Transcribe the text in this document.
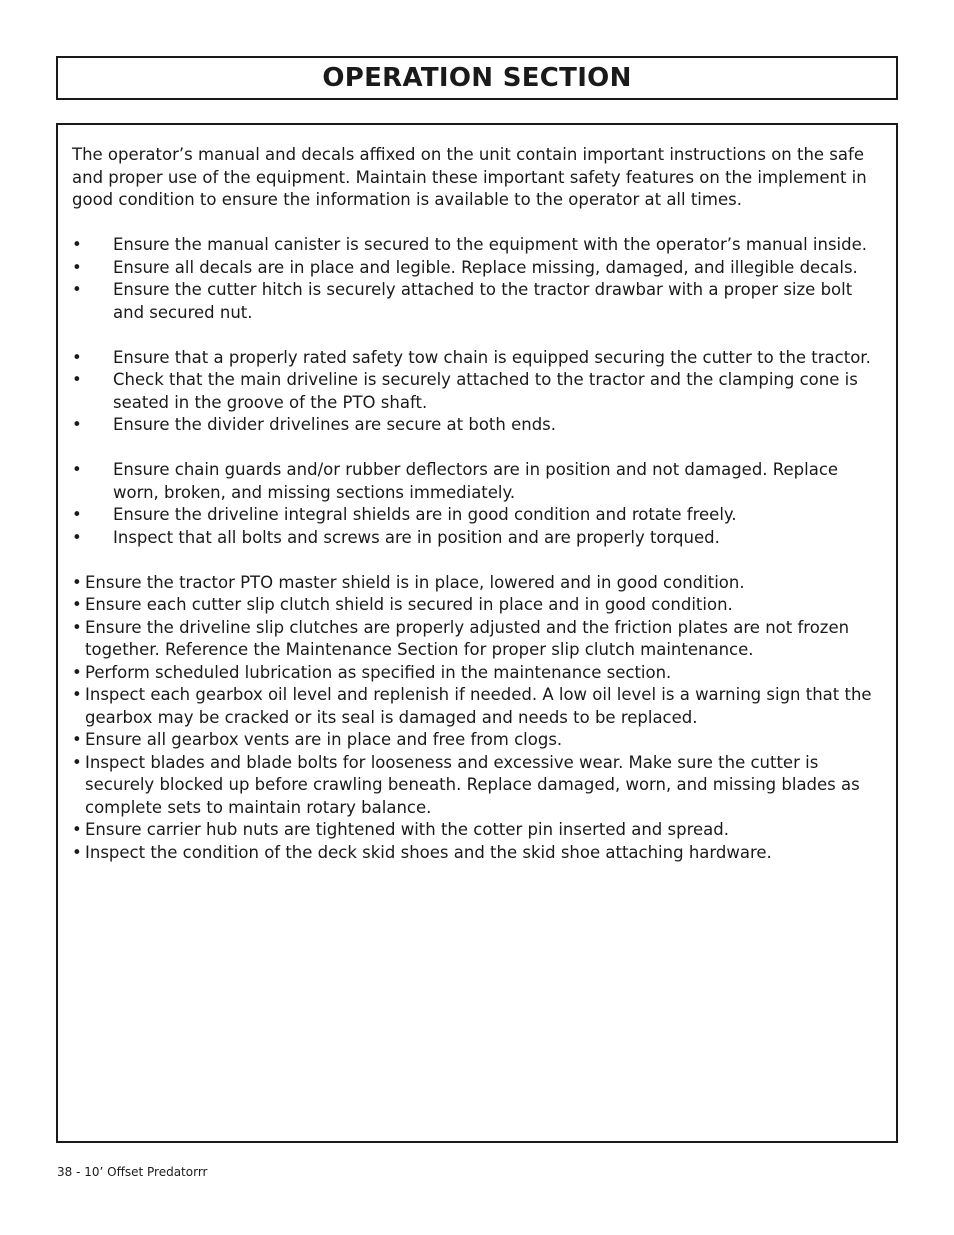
OPERATION SECTION

The operator’s manual and decals affixed on the unit contain important instructions on the safe and proper use of the equipment. Maintain these important safety features on the implement in good condition to ensure the information is available to the operator at all times.

• Ensure the manual canister is secured to the equipment with the operator’s manual inside.
• Ensure all decals are in place and legible. Replace missing, damaged, and illegible decals.
• Ensure the cutter hitch is securely attached to the tractor drawbar with a proper size bolt and secured nut.
• Ensure that a properly rated safety tow chain is equipped securing the cutter to the tractor.
• Check that the main driveline is securely attached to the tractor and the clamping cone is seated in the groove of the PTO shaft.
• Ensure the divider drivelines are secure at both ends.
• Ensure chain guards and/or rubber deflectors are in position and not damaged. Replace worn, broken, and missing sections immediately.
• Ensure the driveline integral shields are in good condition and rotate freely.
• Inspect that all bolts and screws are in position and are properly torqued.
• Ensure the tractor PTO master shield is in place, lowered and in good condition.
• Ensure each cutter slip clutch shield is secured in place and in good condition.
• Ensure the driveline slip clutches are properly adjusted and the friction plates are not frozen together. Reference the Maintenance Section for proper slip clutch maintenance.
• Perform scheduled lubrication as specified in the maintenance section.
• Inspect each gearbox oil level and replenish if needed. A low oil level is a warning sign that the gearbox may be cracked or its seal is damaged and needs to be replaced.
• Ensure all gearbox vents are in place and free from clogs.
• Inspect blades and blade bolts for looseness and excessive wear. Make sure the cutter is securely blocked up before crawling beneath. Replace damaged, worn, and missing blades as complete sets to maintain rotary balance.
• Ensure carrier hub nuts are tightened with the cotter pin inserted and spread.
• Inspect the condition of the deck skid shoes and the skid shoe attaching hardware.
38 - 10’ Offset Predatorrr
